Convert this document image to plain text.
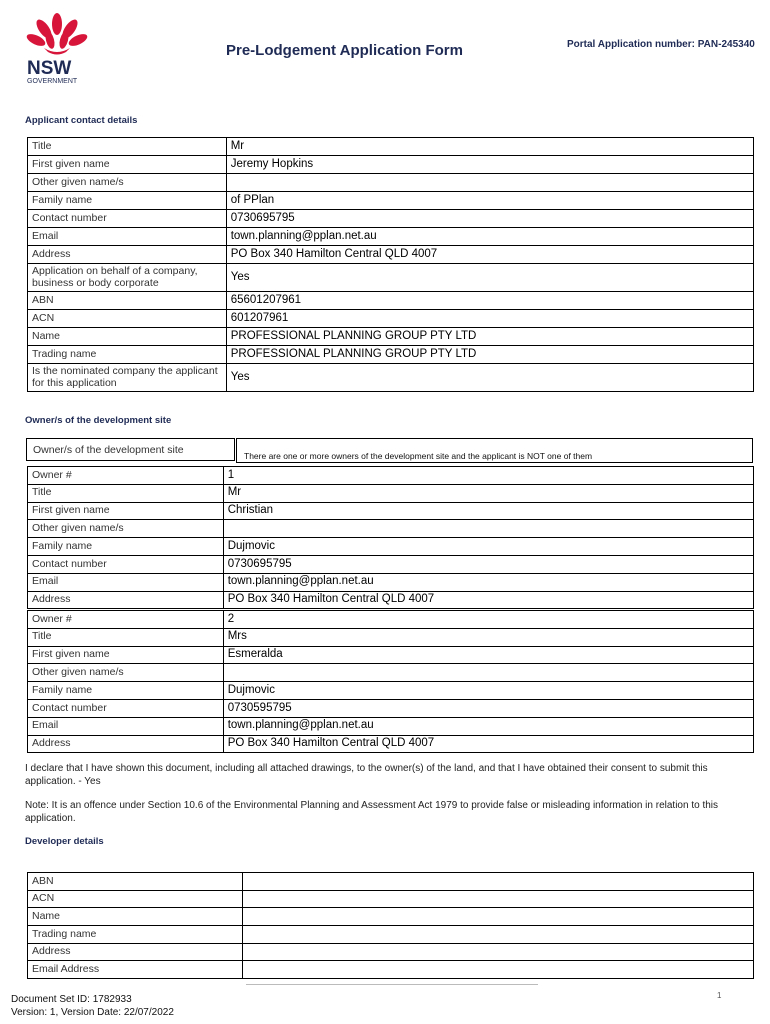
NSW
GOVERNMENT
Pre-Lodgement Application Form	Portal Application number: PAN-245340
Applicant contact details
Title	Mr
First given name	Jeremy Hopkins
Other given name/s	
Family name	of PPlan
Contact number	0730695795
Email	town.planning@pplan.net.au
Address	PO Box 340 Hamilton Central QLD 4007
Application on behalf of a company, business or body corporate	Yes
ABN	65601207961
ACN	601207961
Name	PROFESSIONAL PLANNING GROUP PTY LTD
Trading name	PROFESSIONAL PLANNING GROUP PTY LTD
Is the nominated company the applicant for this application	Yes
Owner/s of the development site
Owner/s of the development site	There are one or more owners of the development site and the applicant is NOT one of them
Owner #	1
Title	Mr
First given name	Christian
Other given name/s	
Family name	Dujmovic
Contact number	0730695795
Email	town.planning@pplan.net.au
Address	PO Box 340 Hamilton Central QLD 4007
Owner #	2
Title	Mrs
First given name	Esmeralda
Other given name/s	
Family name	Dujmovic
Contact number	0730595795
Email	town.planning@pplan.net.au
Address	PO Box 340 Hamilton Central QLD 4007
I declare that I have shown this document, including all attached drawings, to the owner(s) of the land, and that I have obtained their consent to submit this application. - Yes
Note: It is an offence under Section 10.6 of the Environmental Planning and Assessment Act 1979 to provide false or misleading information in relation to this application.
Developer details
ABN	
ACN	
Name	
Trading name	
Address	
Email Address	
Document Set ID: 1782933
Version: 1, Version Date: 22/07/2022
1
